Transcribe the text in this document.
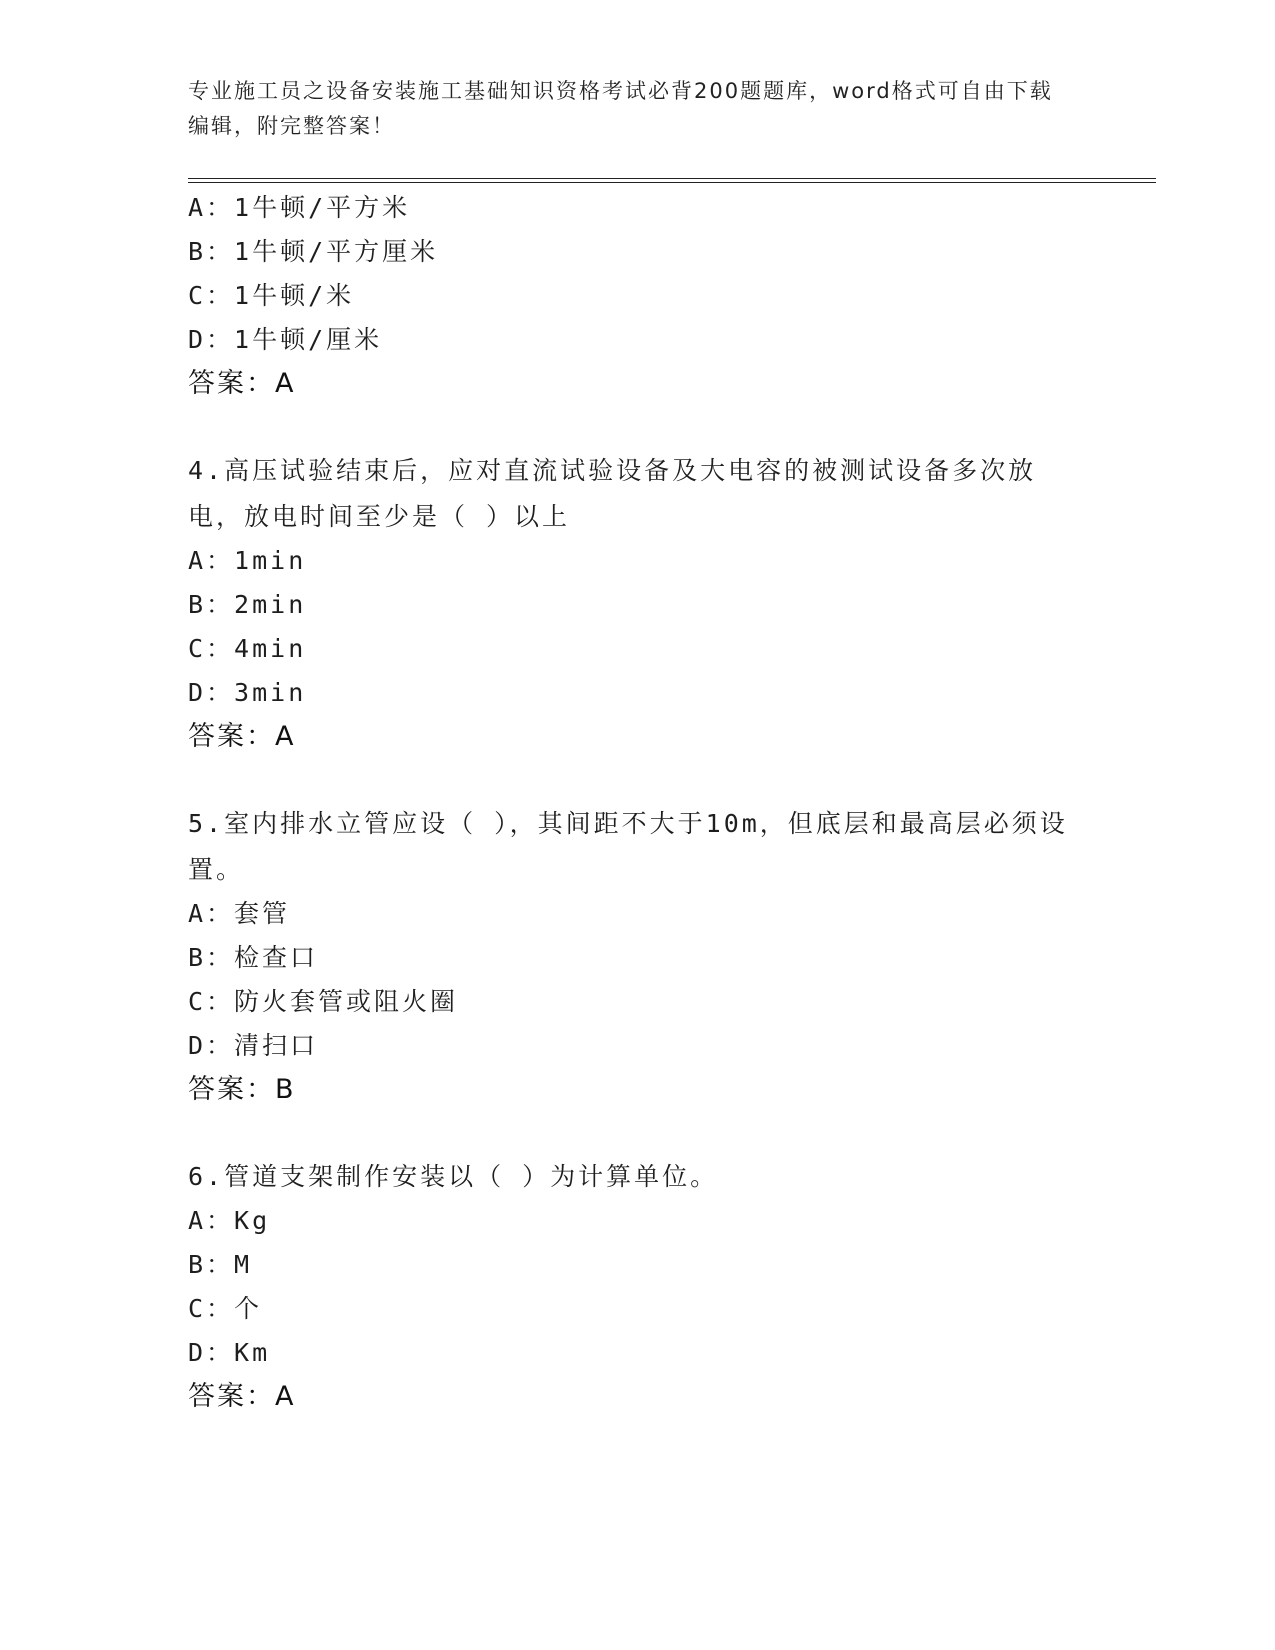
专业施工员之设备安装施工基础知识资格考试必背200题题库，word格式可自由下载编辑，附完整答案！
A：1牛顿/平方米
B：1牛顿/平方厘米
C：1牛顿/米
D：1牛顿/厘米
答案：A
4.高压试验结束后，应对直流试验设备及大电容的被测试设备多次放电，放电时间至少是（ ）以上
A：1min
B：2min
C：4min
D：3min
答案：A
5.室内排水立管应设（ ），其间距不大于10m，但底层和最高层必须设置。
A：套管
B：检查口
C：防火套管或阻火圈
D：清扫口
答案：B
6.管道支架制作安装以（ ）为计算单位。
A：Kg
B：M
C：个
D：Km
答案：A
